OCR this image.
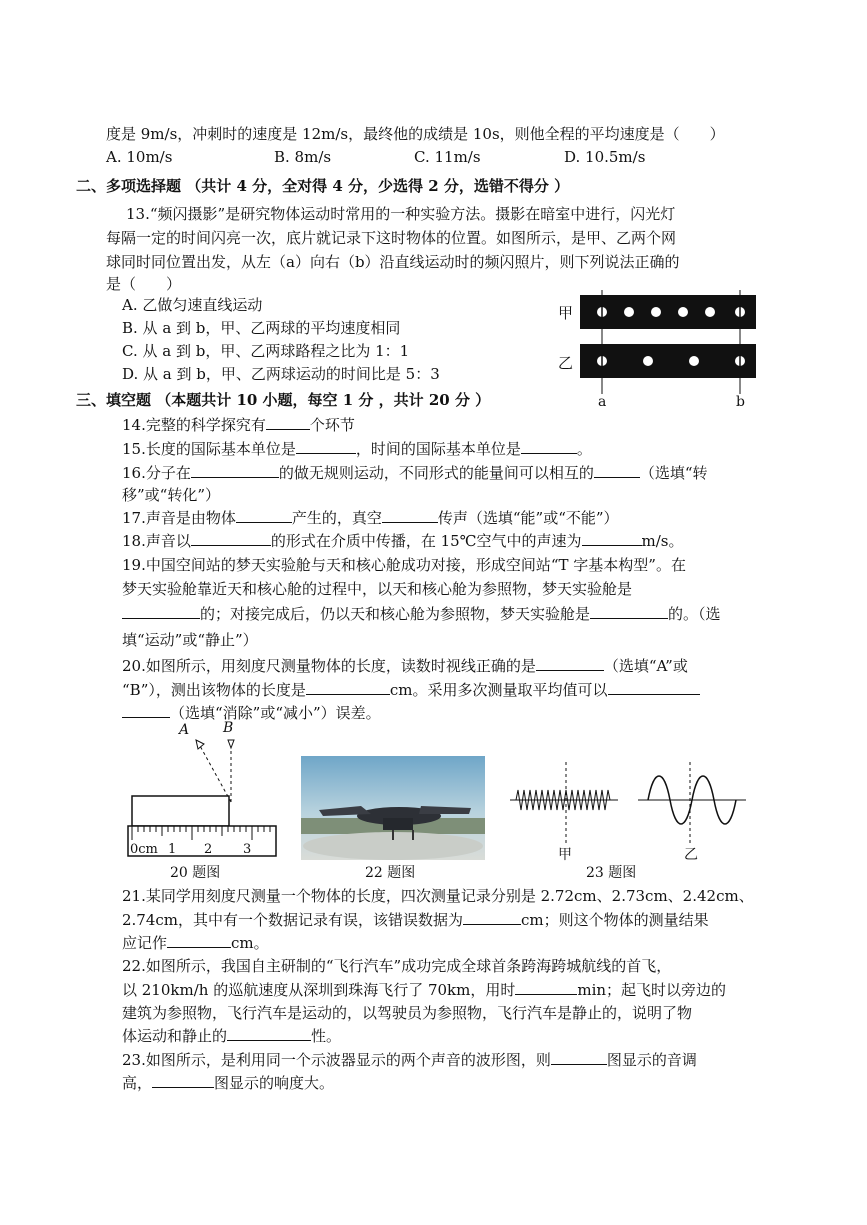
度是 9m/s，冲刺时的速度是 12m/s，最终他的成绩是 10s，则他全程的平均速度是（　　）
A. 10m/s	B. 8m/s	C. 11m/s	D. 10.5m/s
二、多项选择题 （共计 4 分，全对得 4 分，少选得 2 分，选错不得分 ）
13.“频闪摄影”是研究物体运动时常用的一种实验方法。摄影在暗室中进行，闪光灯
每隔一定的时间闪亮一次，底片就记录下这时物体的位置。如图所示，是甲、乙两个网
球同时同位置出发，从左（a）向右（b）沿直线运动时的频闪照片，则下列说法正确的
是（　　）
A. 乙做匀速直线运动
B. 从 a 到 b，甲、乙两球的平均速度相同
C. 从 a 到 b，甲、乙两球路程之比为 1：1
D. 从 a 到 b，甲、乙两球运动的时间比是 5：3
甲
乙
a	b
三、填空题 （本题共计 10 小题，每空 1 分 ，共计 20 分 ）
14.完整的科学探究有	个环节
15.长度的国际基本单位是	，时间的国际基本单位是	。
16.分子在	的做无规则运动，不同形式的能量间可以相互的	（选填“转
移”或“转化”）
17.声音是由物体	产生的，真空	传声（选填“能”或“不能”）
18.声音以	的形式在介质中传播，在 15℃空气中的声速为	m/s。
19.中国空间站的梦天实验舱与天和核心舱成功对接，形成空间站“T 字基本构型”。在
梦天实验舱靠近天和核心舱的过程中，以天和核心舱为参照物，梦天实验舱是
的；对接完成后，仍以天和核心舱为参照物，梦天实验舱是	的。（选
填“运动”或“静止”）
20.如图所示，用刻度尺测量物体的长度，读数时视线正确的是	（选填“A”或
“B”），测出该物体的长度是	cm。采用多次测量取平均值可以
（选填“消除”或“减小”）误差。
A B
0cm 1 2 3
20 题图	22 题图
甲	乙
23 题图
21.某同学用刻度尺测量一个物体的长度，四次测量记录分别是 2.72cm、2.73cm、2.42cm、
2.74cm，其中有一个数据记录有误，该错误数据为	cm；则这个物体的测量结果
应记作	cm。
22.如图所示，我国自主研制的“飞行汽车”成功完成全球首条跨海跨城航线的首飞，
以 210km/h 的巡航速度从深圳到珠海飞行了 70km，用时	min；起飞时以旁边的
建筑为参照物，飞行汽车是运动的，以驾驶员为参照物，飞行汽车是静止的，说明了物
体运动和静止的	性。
23.如图所示，是利用同一个示波器显示的两个声音的波形图，则	图显示的音调
高，	图显示的响度大。
